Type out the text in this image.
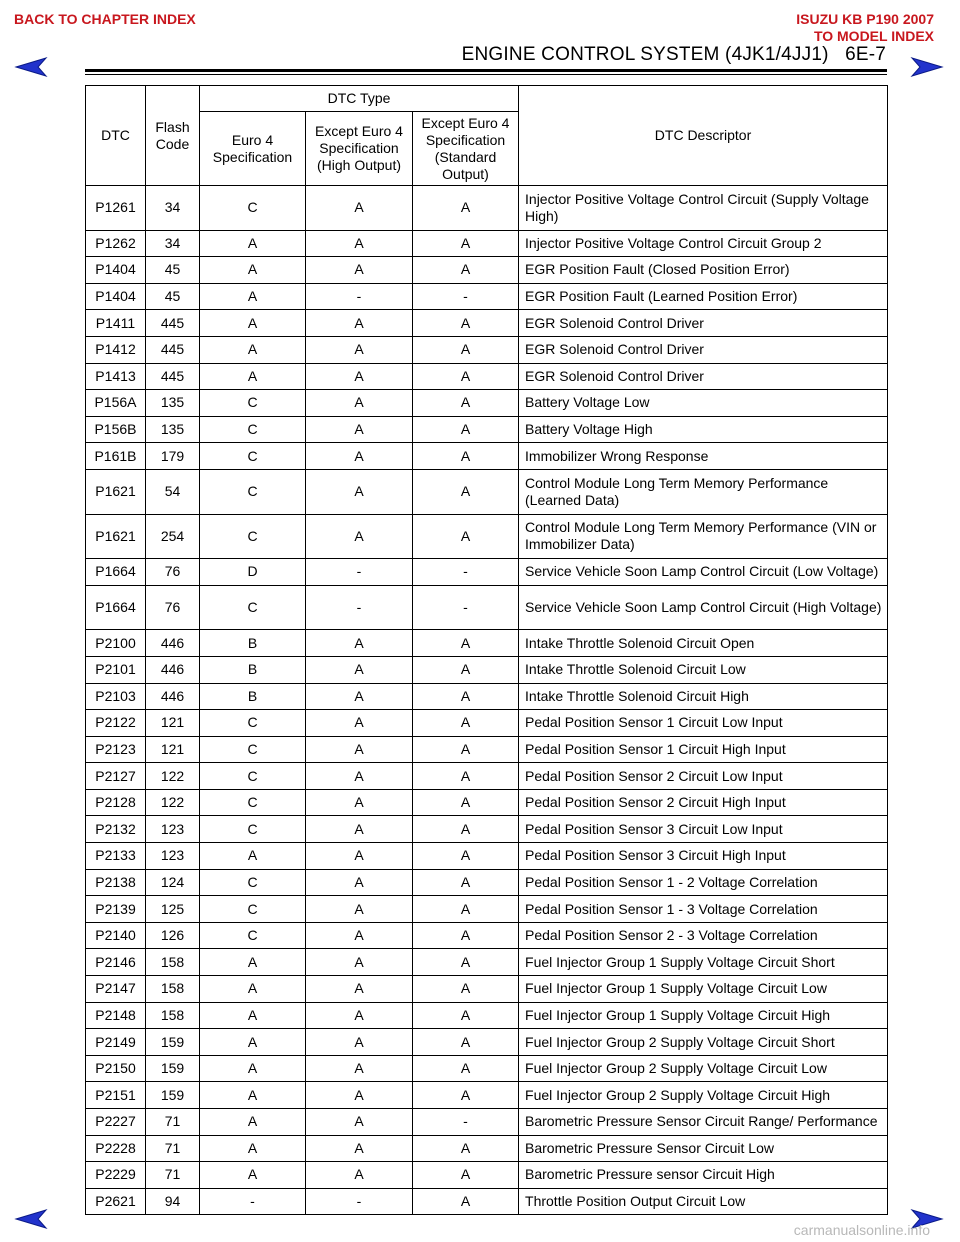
BACK TO CHAPTER INDEX	ISUZU KB P190 2007
TO MODEL INDEX
ENGINE CONTROL SYSTEM (4JK1/4JJ1) 6E-7
DTC	Flash Code	DTC Type			DTC Descriptor
		Euro 4 Specification	Except Euro 4 Specification (High Output)	Except Euro 4 Specification (Standard Output)	
P1261	34	C	A	A	Injector Positive Voltage Control Circuit (Supply Voltage High)
P1262	34	A	A	A	Injector Positive Voltage Control Circuit Group 2
P1404	45	A	A	A	EGR Position Fault (Closed Position Error)
P1404	45	A	-	-	EGR Position Fault (Learned Position Error)
P1411	445	A	A	A	EGR Solenoid Control Driver
P1412	445	A	A	A	EGR Solenoid Control Driver
P1413	445	A	A	A	EGR Solenoid Control Driver
P156A	135	C	A	A	Battery Voltage Low
P156B	135	C	A	A	Battery Voltage High
P161B	179	C	A	A	Immobilizer Wrong Response
P1621	54	C	A	A	Control Module Long Term Memory Performance (Learned Data)
P1621	254	C	A	A	Control Module Long Term Memory Performance (VIN or Immobilizer Data)
P1664	76	D	-	-	Service Vehicle Soon Lamp Control Circuit (Low Voltage)
P1664	76	C	-	-	Service Vehicle Soon Lamp Control Circuit (High Voltage)
P2100	446	B	A	A	Intake Throttle Solenoid Circuit Open
P2101	446	B	A	A	Intake Throttle Solenoid Circuit Low
P2103	446	B	A	A	Intake Throttle Solenoid Circuit High
P2122	121	C	A	A	Pedal Position Sensor 1 Circuit Low Input
P2123	121	C	A	A	Pedal Position Sensor 1 Circuit High Input
P2127	122	C	A	A	Pedal Position Sensor 2 Circuit Low Input
P2128	122	C	A	A	Pedal Position Sensor 2 Circuit High Input
P2132	123	C	A	A	Pedal Position Sensor 3 Circuit Low Input
P2133	123	A	A	A	Pedal Position Sensor 3 Circuit High Input
P2138	124	C	A	A	Pedal Position Sensor 1 - 2 Voltage Correlation
P2139	125	C	A	A	Pedal Position Sensor 1 - 3 Voltage Correlation
P2140	126	C	A	A	Pedal Position Sensor 2 - 3 Voltage Correlation
P2146	158	A	A	A	Fuel Injector Group 1 Supply Voltage Circuit Short
P2147	158	A	A	A	Fuel Injector Group 1 Supply Voltage Circuit Low
P2148	158	A	A	A	Fuel Injector Group 1 Supply Voltage Circuit High
P2149	159	A	A	A	Fuel Injector Group 2 Supply Voltage Circuit Short
P2150	159	A	A	A	Fuel Injector Group 2 Supply Voltage Circuit Low
P2151	159	A	A	A	Fuel Injector Group 2 Supply Voltage Circuit High
P2227	71	A	A	-	Barometric Pressure Sensor Circuit Range/ Performance
P2228	71	A	A	A	Barometric Pressure Sensor Circuit Low
P2229	71	A	A	A	Barometric Pressure sensor Circuit High
P2621	94	-	-	A	Throttle Position Output Circuit Low
carmanualsonline.info
